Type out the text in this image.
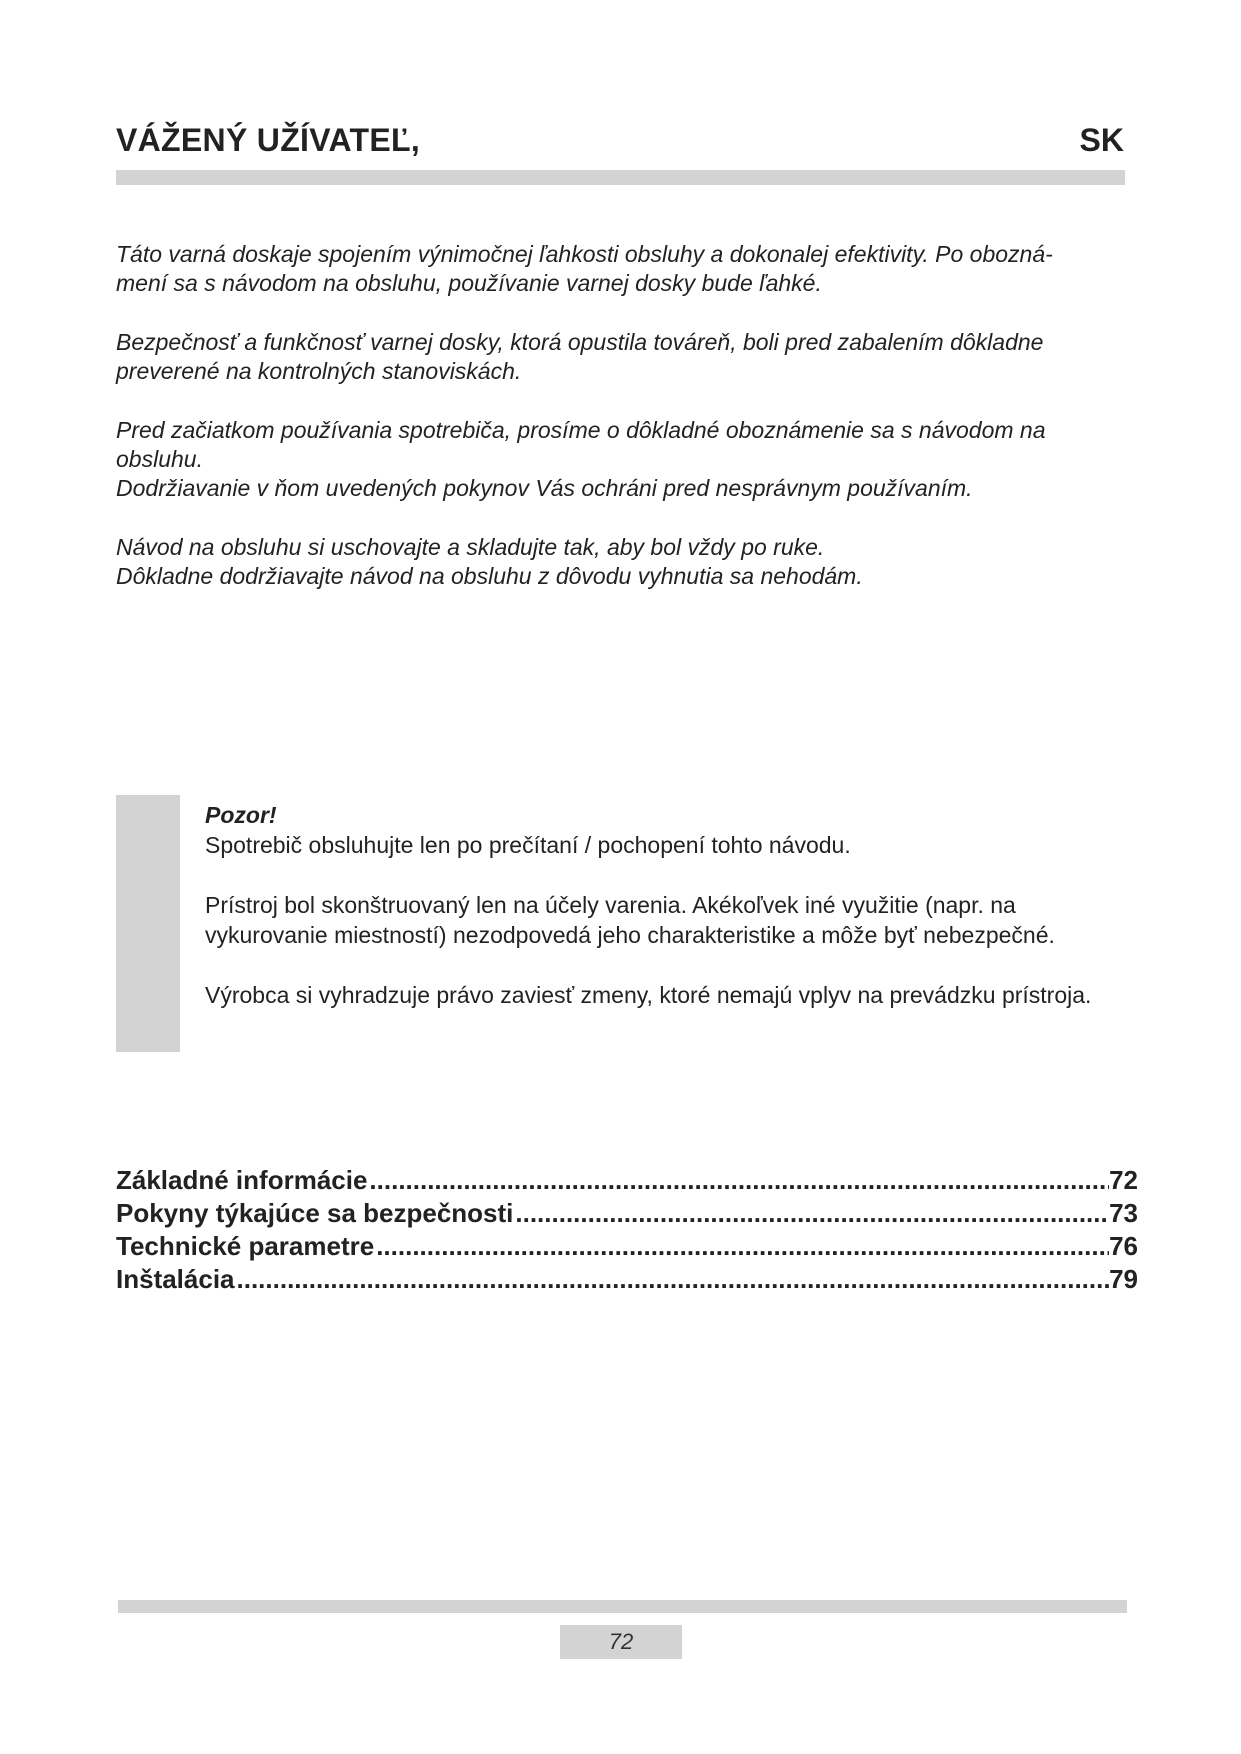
VÁŽENÝ UŽÍVATEĽ,	SK

Táto varná doskaje spojením výnimočnej ľahkosti obsluhy a dokonalej efektivity. Po obozná-
mení sa s návodom na obsluhu, používanie varnej dosky bude ľahké.

Bezpečnosť a funkčnosť varnej dosky, ktorá opustila továreň, boli pred zabalením dôkladne
preverené na kontrolných stanoviskách.

Pred začiatkom používania spotrebiča, prosíme o dôkladné oboznámenie sa s návodom na
obsluhu.
Dodržiavanie v ňom uvedených pokynov Vás ochráni pred nesprávnym používaním.

Návod na obsluhu si uschovajte a skladujte tak, aby bol vždy po ruke.
Dôkladne dodržiavajte návod na obsluhu z dôvodu vyhnutia sa nehodám.

Pozor!

Spotrebič obsluhujte len po prečítaní / pochopení tohto návodu.

Prístroj bol skonštruovaný len na účely varenia. Akékoľvek iné využitie (napr. na
vykurovanie miestností) nezodpovedá jeho charakteristike a môže byť nebezpečné.

Výrobca si vyhradzuje právo zaviesť zmeny, ktoré nemajú vplyv na prevádzku prístroja.

Základné informácie .....	72
Pokyny týkajúce sa bezpečnosti .....	73
Technické parametre .....	76
Inštalácia .....	79
72
